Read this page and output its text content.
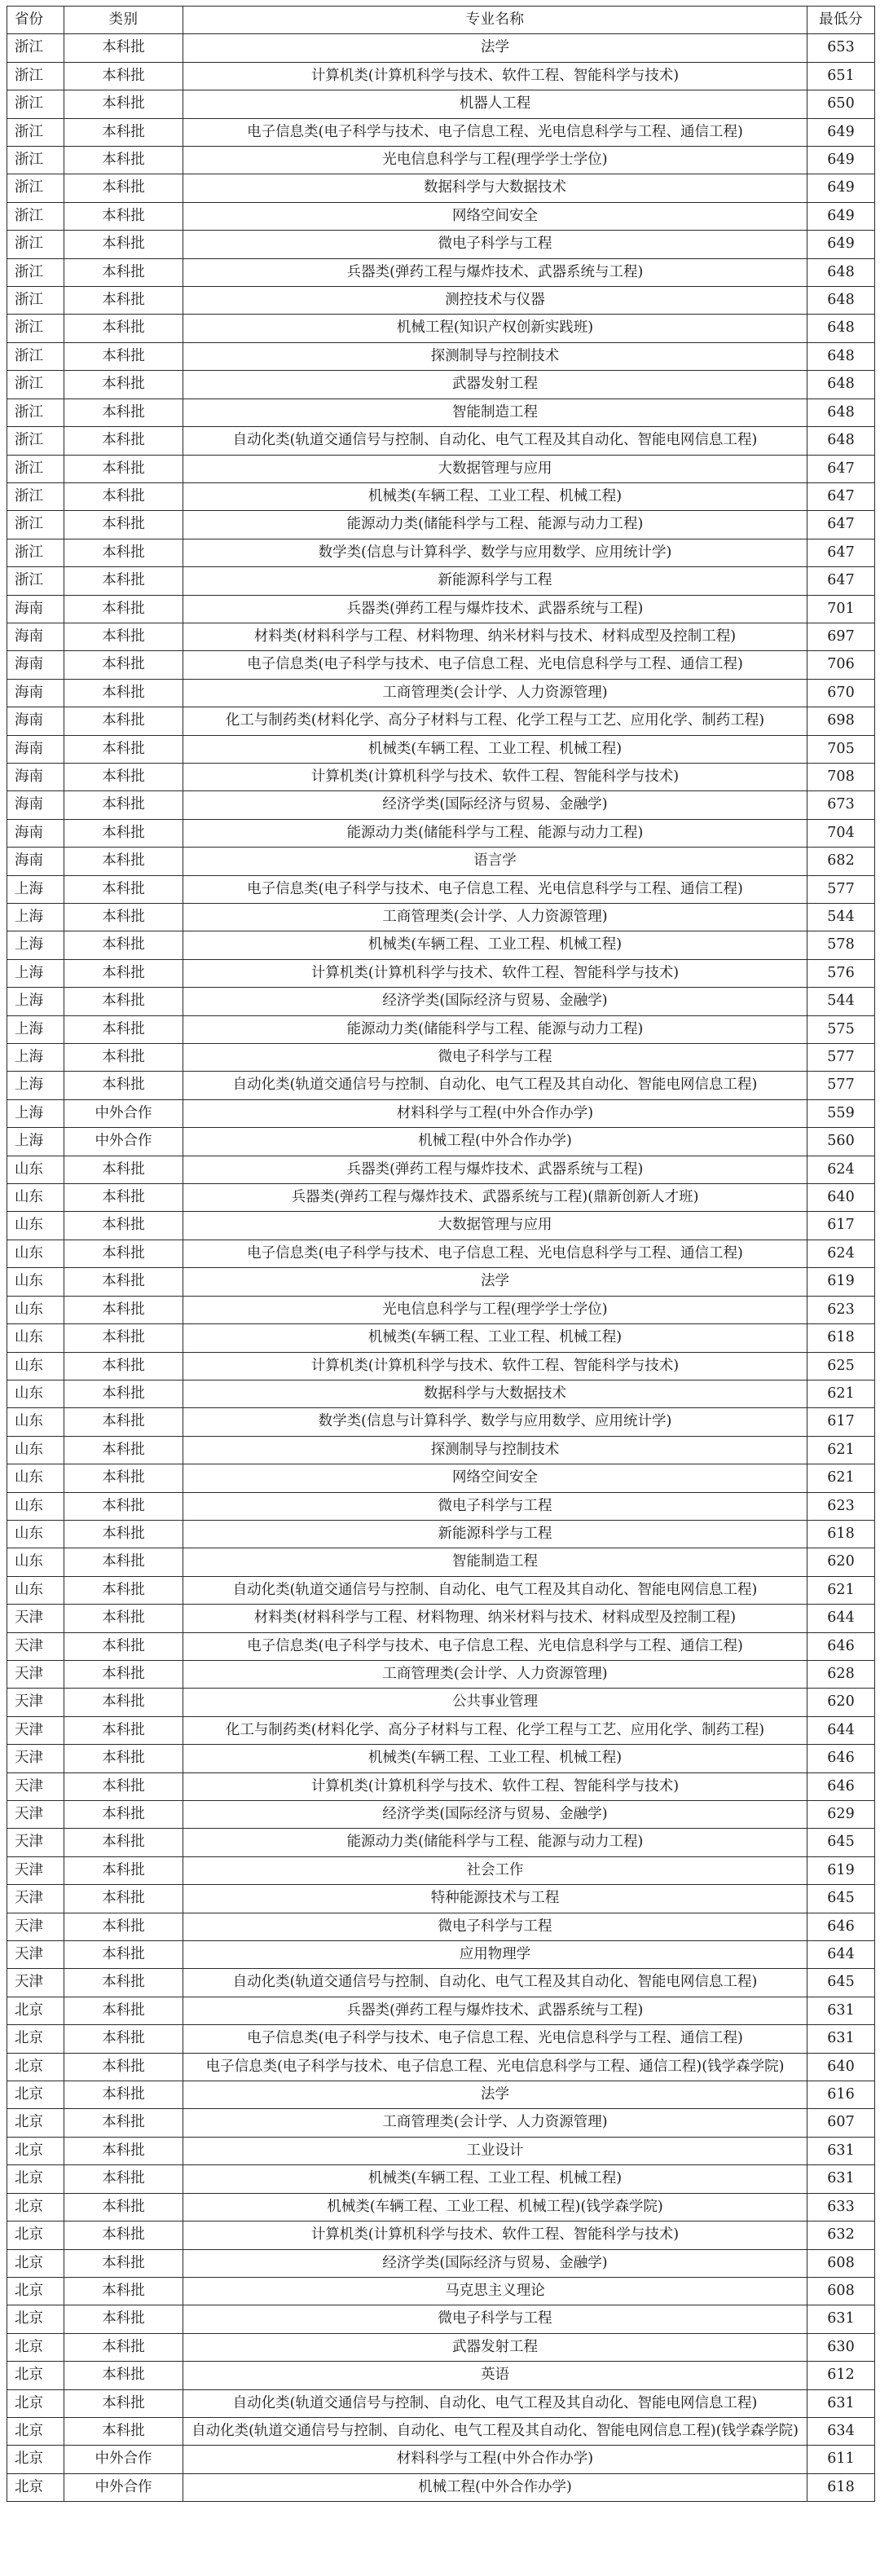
省份	类别	专业名称	最低分
浙江	本科批	法学	653
浙江	本科批	计算机类(计算机科学与技术、软件工程、智能科学与技术)	651
浙江	本科批	机器人工程	650
浙江	本科批	电子信息类(电子科学与技术、电子信息工程、光电信息科学与工程、通信工程)	649
浙江	本科批	光电信息科学与工程(理学学士学位)	649
浙江	本科批	数据科学与大数据技术	649
浙江	本科批	网络空间安全	649
浙江	本科批	微电子科学与工程	649
浙江	本科批	兵器类(弹药工程与爆炸技术、武器系统与工程)	648
浙江	本科批	测控技术与仪器	648
浙江	本科批	机械工程(知识产权创新实践班)	648
浙江	本科批	探测制导与控制技术	648
浙江	本科批	武器发射工程	648
浙江	本科批	智能制造工程	648
浙江	本科批	自动化类(轨道交通信号与控制、自动化、电气工程及其自动化、智能电网信息工程)	648
浙江	本科批	大数据管理与应用	647
浙江	本科批	机械类(车辆工程、工业工程、机械工程)	647
浙江	本科批	能源动力类(储能科学与工程、能源与动力工程)	647
浙江	本科批	数学类(信息与计算科学、数学与应用数学、应用统计学)	647
浙江	本科批	新能源科学与工程	647
海南	本科批	兵器类(弹药工程与爆炸技术、武器系统与工程)	701
海南	本科批	材料类(材料科学与工程、材料物理、纳米材料与技术、材料成型及控制工程)	697
海南	本科批	电子信息类(电子科学与技术、电子信息工程、光电信息科学与工程、通信工程)	706
海南	本科批	工商管理类(会计学、人力资源管理)	670
海南	本科批	化工与制药类(材料化学、高分子材料与工程、化学工程与工艺、应用化学、制药工程)	698
海南	本科批	机械类(车辆工程、工业工程、机械工程)	705
海南	本科批	计算机类(计算机科学与技术、软件工程、智能科学与技术)	708
海南	本科批	经济学类(国际经济与贸易、金融学)	673
海南	本科批	能源动力类(储能科学与工程、能源与动力工程)	704
海南	本科批	语言学	682
上海	本科批	电子信息类(电子科学与技术、电子信息工程、光电信息科学与工程、通信工程)	577
上海	本科批	工商管理类(会计学、人力资源管理)	544
上海	本科批	机械类(车辆工程、工业工程、机械工程)	578
上海	本科批	计算机类(计算机科学与技术、软件工程、智能科学与技术)	576
上海	本科批	经济学类(国际经济与贸易、金融学)	544
上海	本科批	能源动力类(储能科学与工程、能源与动力工程)	575
上海	本科批	微电子科学与工程	577
上海	本科批	自动化类(轨道交通信号与控制、自动化、电气工程及其自动化、智能电网信息工程)	577
上海	中外合作	材料科学与工程(中外合作办学)	559
上海	中外合作	机械工程(中外合作办学)	560
山东	本科批	兵器类(弹药工程与爆炸技术、武器系统与工程)	624
山东	本科批	兵器类(弹药工程与爆炸技术、武器系统与工程)(鼎新创新人才班)	640
山东	本科批	大数据管理与应用	617
山东	本科批	电子信息类(电子科学与技术、电子信息工程、光电信息科学与工程、通信工程)	624
山东	本科批	法学	619
山东	本科批	光电信息科学与工程(理学学士学位)	623
山东	本科批	机械类(车辆工程、工业工程、机械工程)	618
山东	本科批	计算机类(计算机科学与技术、软件工程、智能科学与技术)	625
山东	本科批	数据科学与大数据技术	621
山东	本科批	数学类(信息与计算科学、数学与应用数学、应用统计学)	617
山东	本科批	探测制导与控制技术	621
山东	本科批	网络空间安全	621
山东	本科批	微电子科学与工程	623
山东	本科批	新能源科学与工程	618
山东	本科批	智能制造工程	620
山东	本科批	自动化类(轨道交通信号与控制、自动化、电气工程及其自动化、智能电网信息工程)	621
天津	本科批	材料类(材料科学与工程、材料物理、纳米材料与技术、材料成型及控制工程)	644
天津	本科批	电子信息类(电子科学与技术、电子信息工程、光电信息科学与工程、通信工程)	646
天津	本科批	工商管理类(会计学、人力资源管理)	628
天津	本科批	公共事业管理	620
天津	本科批	化工与制药类(材料化学、高分子材料与工程、化学工程与工艺、应用化学、制药工程)	644
天津	本科批	机械类(车辆工程、工业工程、机械工程)	646
天津	本科批	计算机类(计算机科学与技术、软件工程、智能科学与技术)	646
天津	本科批	经济学类(国际经济与贸易、金融学)	629
天津	本科批	能源动力类(储能科学与工程、能源与动力工程)	645
天津	本科批	社会工作	619
天津	本科批	特种能源技术与工程	645
天津	本科批	微电子科学与工程	646
天津	本科批	应用物理学	644
天津	本科批	自动化类(轨道交通信号与控制、自动化、电气工程及其自动化、智能电网信息工程)	645
北京	本科批	兵器类(弹药工程与爆炸技术、武器系统与工程)	631
北京	本科批	电子信息类(电子科学与技术、电子信息工程、光电信息科学与工程、通信工程)	631
北京	本科批	电子信息类(电子科学与技术、电子信息工程、光电信息科学与工程、通信工程)(钱学森学院)	640
北京	本科批	法学	616
北京	本科批	工商管理类(会计学、人力资源管理)	607
北京	本科批	工业设计	631
北京	本科批	机械类(车辆工程、工业工程、机械工程)	631
北京	本科批	机械类(车辆工程、工业工程、机械工程)(钱学森学院)	633
北京	本科批	计算机类(计算机科学与技术、软件工程、智能科学与技术)	632
北京	本科批	经济学类(国际经济与贸易、金融学)	608
北京	本科批	马克思主义理论	608
北京	本科批	微电子科学与工程	631
北京	本科批	武器发射工程	630
北京	本科批	英语	612
北京	本科批	自动化类(轨道交通信号与控制、自动化、电气工程及其自动化、智能电网信息工程)	631
北京	本科批	自动化类(轨道交通信号与控制、自动化、电气工程及其自动化、智能电网信息工程)(钱学森学院)	634
北京	中外合作	材料科学与工程(中外合作办学)	611
北京	中外合作	机械工程(中外合作办学)	618
